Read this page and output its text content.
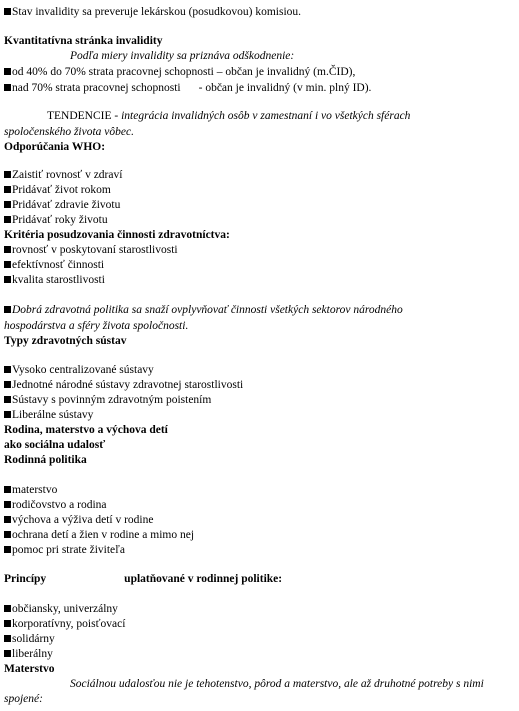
Stav invalidity sa preveruje lekárskou (posudkovou) komisiou.
Kvantitatívna stránka invalidity
Podľa miery invalidity sa priznáva odškodnenie:
od 40% do 70% strata pracovnej schopnosti – občan je invalidný (m.ČID),
nad 70% strata pracovnej schopnosti - občan je invalidný (v min. plný ID).
TENDENCIE - integrácia invalidných osôb v zamestnaní i vo všetkých sférach
spoločenského života vôbec.
Odporúčania WHO:
Zaistiť rovnosť v zdraví
Pridávať život rokom
Pridávať zdravie životu
Pridávať roky životu
Kritéria posudzovania činnosti zdravotníctva:
rovnosť v poskytovaní starostlivosti
efektívnosť činnosti
kvalita starostlivosti
Dobrá zdravotná politika sa snaží ovplyvňovať činnosti všetkých sektorov národného
hospodárstva a sféry života spoločnosti.
Typy zdravotných sústav
Vysoko centralizované sústavy
Jednotné národné sústavy zdravotnej starostlivosti
Sústavy s povinným zdravotným poistením
Liberálne sústavy
Rodina, materstvo a výchova detí
ako sociálna udalosť
Rodinná politika
materstvo
rodičovstvo a rodina
výchova a výživa detí v rodine
ochrana detí a žien v rodine a mimo nej
pomoc pri strate živiteľa
Princípy	uplatňované v rodinnej politike:
občiansky, univerzálny
korporatívny, poisťovací
solidárny
liberálny
Materstvo
Sociálnou udalosťou nie je tehotenstvo, pôrod a materstvo, ale až druhotné potreby s nimi
spojené:
